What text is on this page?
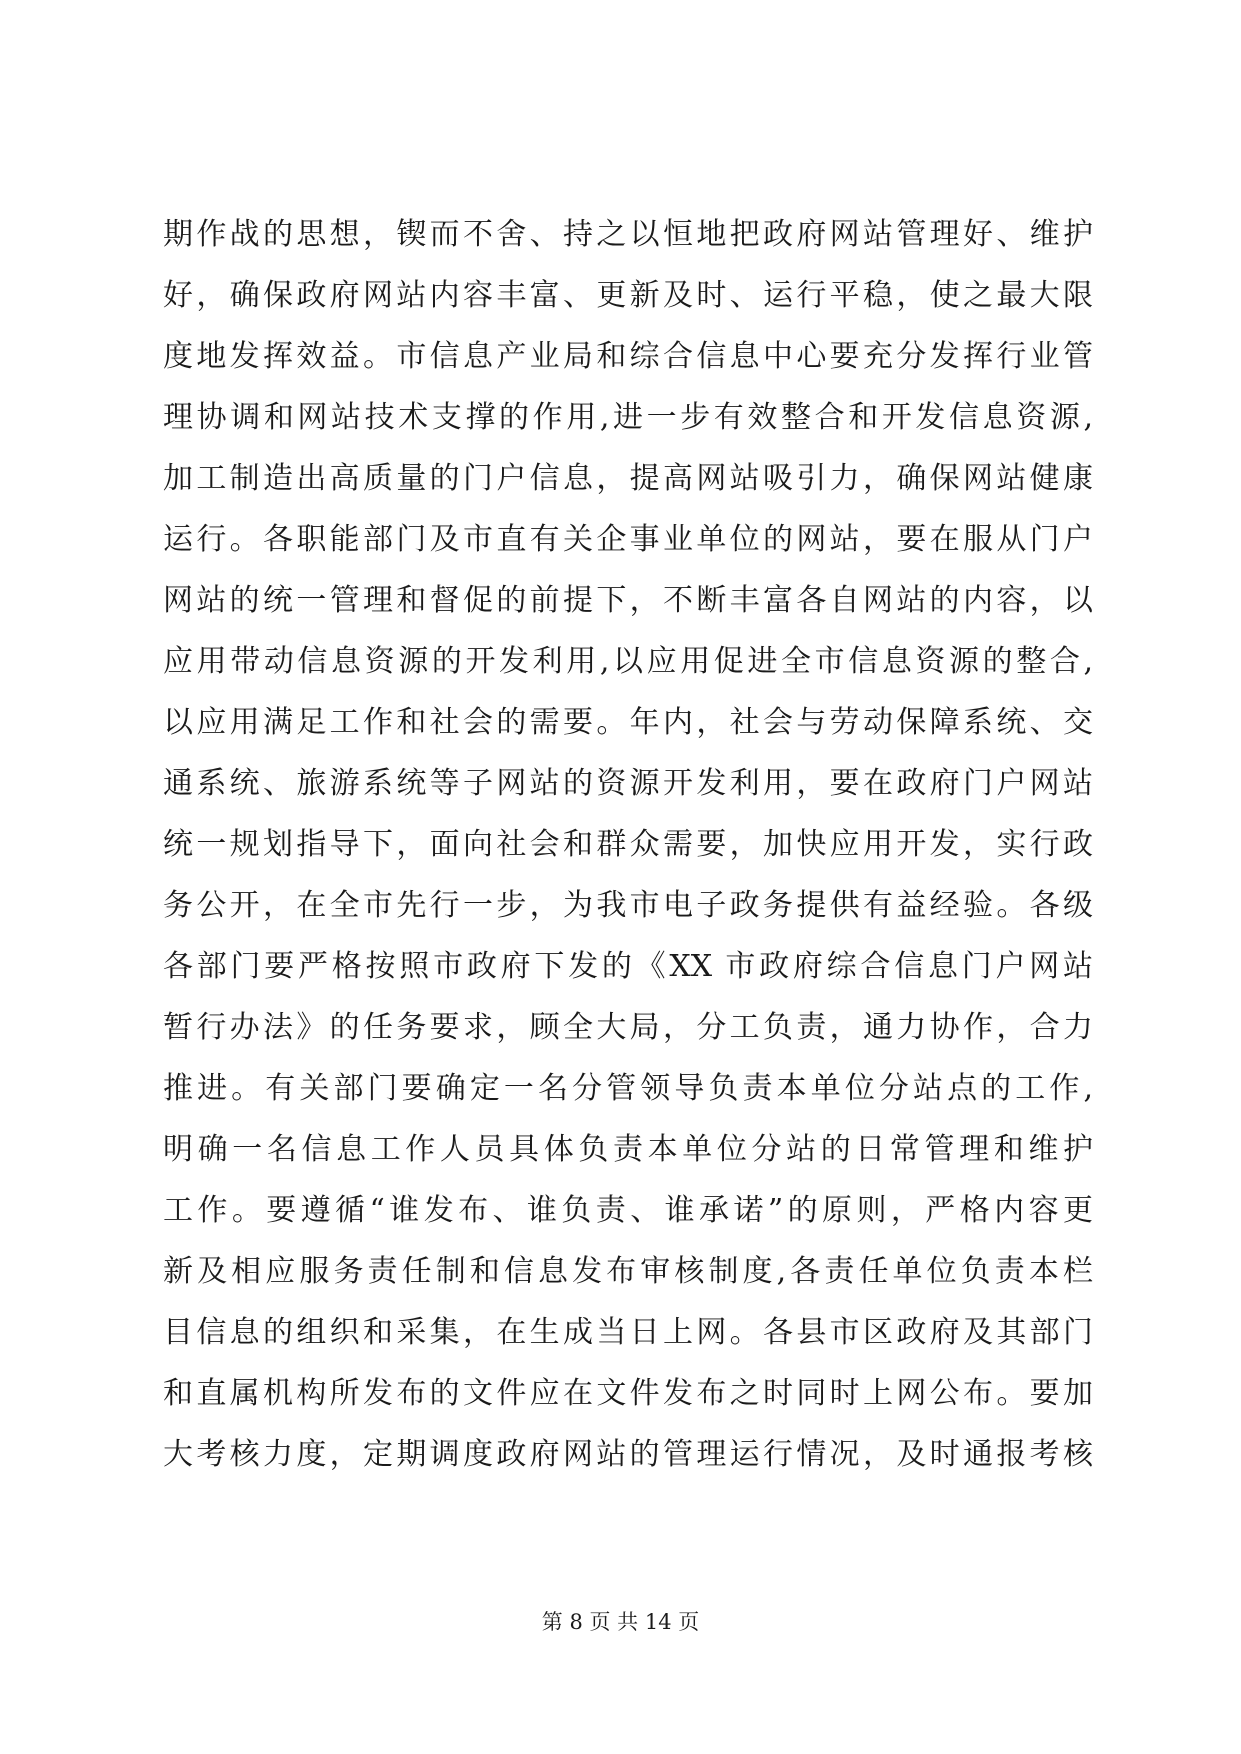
期作战的思想，锲而不舍、持之以恒地把政府网站管理好、维护
好，确保政府网站内容丰富、更新及时、运行平稳，使之最大限
度地发挥效益。市信息产业局和综合信息中心要充分发挥行业管
理协调和网站技术支撑的作用,进一步有效整合和开发信息资源,
加工制造出高质量的门户信息，提高网站吸引力，确保网站健康
运行。各职能部门及市直有关企事业单位的网站，要在服从门户
网站的统一管理和督促的前提下，不断丰富各自网站的内容，以
应用带动信息资源的开发利用,以应用促进全市信息资源的整合,
以应用满足工作和社会的需要。年内，社会与劳动保障系统、交
通系统、旅游系统等子网站的资源开发利用，要在政府门户网站
统一规划指导下，面向社会和群众需要，加快应用开发，实行政
务公开，在全市先行一步，为我市电子政务提供有益经验。各级
各部门要严格按照市政府下发的《XX 市政府综合信息门户网站
暂行办法》的任务要求，顾全大局，分工负责，通力协作，合力
推进。有关部门要确定一名分管领导负责本单位分站点的工作,
明确一名信息工作人员具体负责本单位分站的日常管理和维护
工作。要遵循“谁发布、谁负责、谁承诺”的原则，严格内容更
新及相应服务责任制和信息发布审核制度,各责任单位负责本栏
目信息的组织和采集，在生成当日上网。各县市区政府及其部门
和直属机构所发布的文件应在文件发布之时同时上网公布。要加
大考核力度，定期调度政府网站的管理运行情况，及时通报考核
第 8 页 共 14 页
